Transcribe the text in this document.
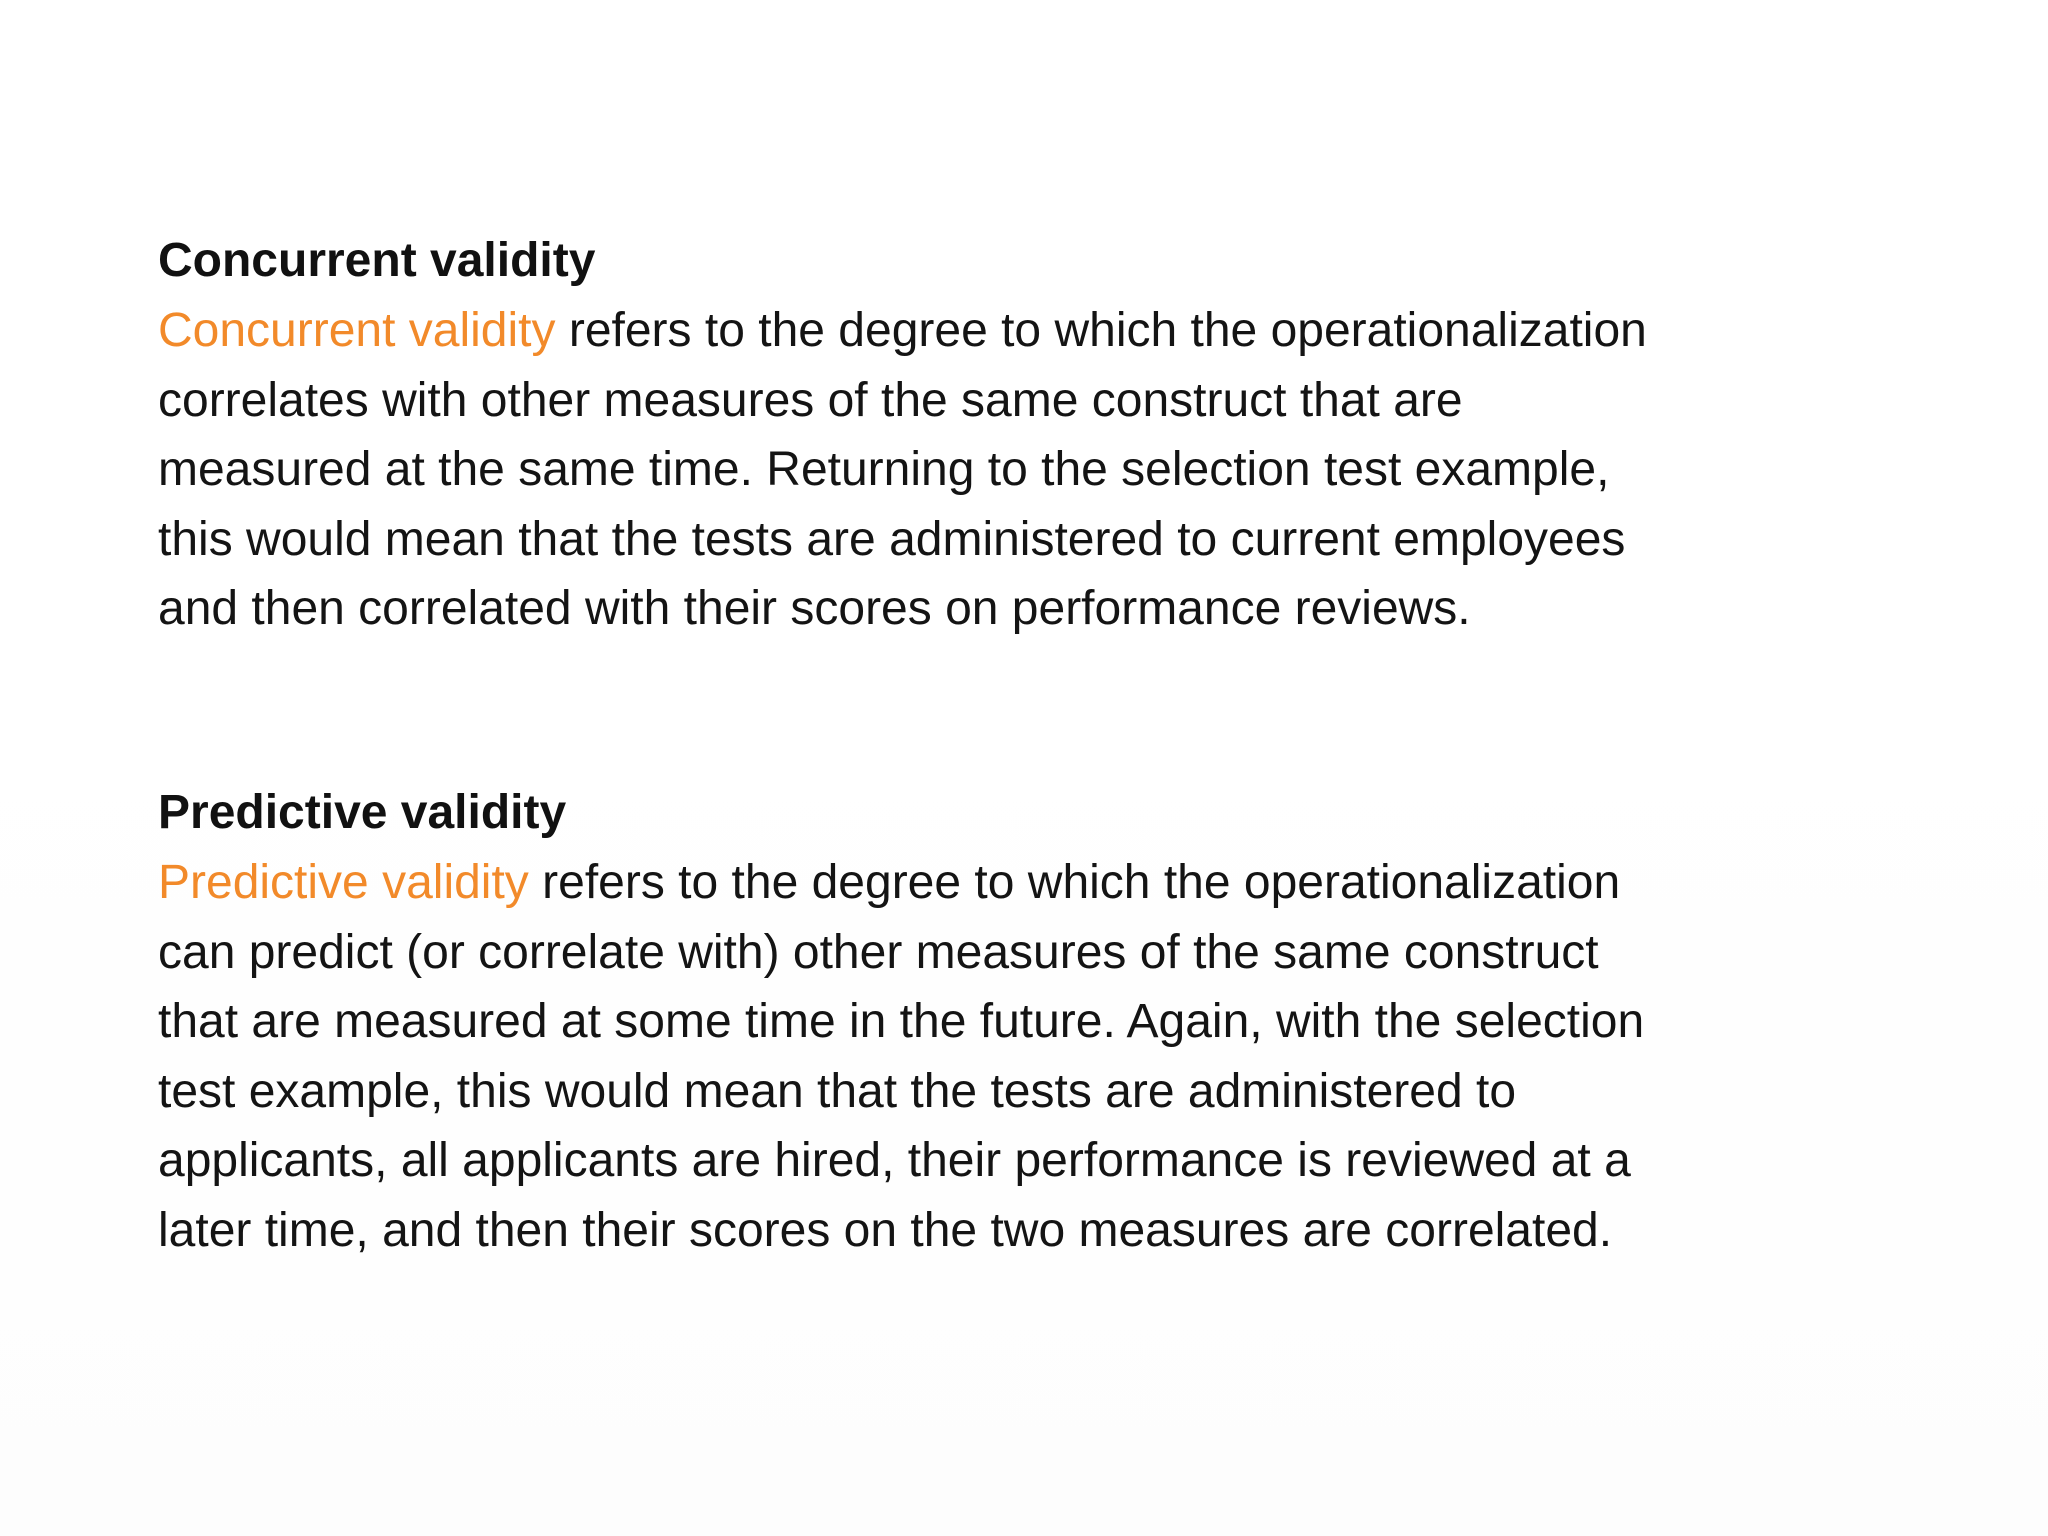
Concurrent validity

Concurrent validity refers to the degree to which the operationalization
correlates with other measures of the same construct that are
measured at the same time. Returning to the selection test example,
this would mean that the tests are administered to current employees
and then correlated with their scores on performance reviews.

Predictive validity

Predictive validity refers to the degree to which the operationalization
can predict (or correlate with) other measures of the same construct
that are measured at some time in the future. Again, with the selection
test example, this would mean that the tests are administered to
applicants, all applicants are hired, their performance is reviewed at a
later time, and then their scores on the two measures are correlated.
